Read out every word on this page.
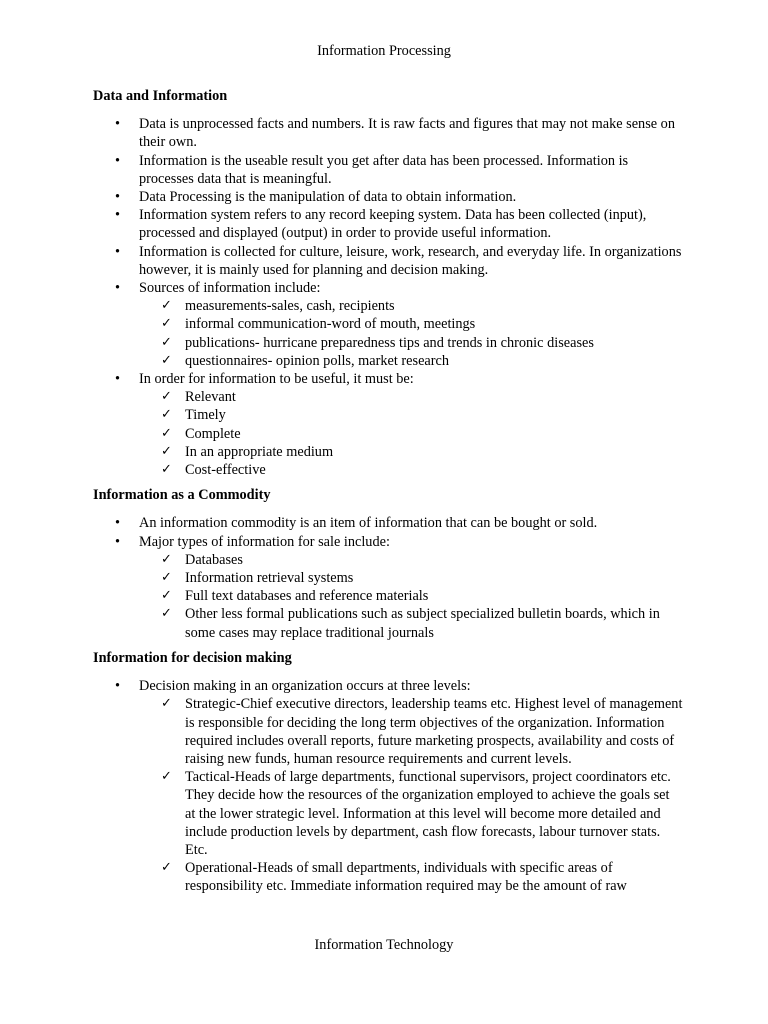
Information Processing
Data and Information
• Data is unprocessed facts and numbers. It is raw facts and figures that may not make sense on their own.
• Information is the useable result you get after data has been processed. Information is processes data that is meaningful.
• Data Processing is the manipulation of data to obtain information.
• Information system refers to any record keeping system. Data has been collected (input), processed and displayed (output) in order to provide useful information.
• Information is collected for culture, leisure, work, research, and everyday life. In organizations however, it is mainly used for planning and decision making.
• Sources of information include:
✓ measurements-sales, cash, recipients
✓ informal communication-word of mouth, meetings
✓ publications- hurricane preparedness tips and trends in chronic diseases
✓ questionnaires- opinion polls, market research
• In order for information to be useful, it must be:
✓ Relevant
✓ Timely
✓ Complete
✓ In an appropriate medium
✓ Cost-effective
Information as a Commodity
• An information commodity is an item of information that can be bought or sold.
• Major types of information for sale include:
✓ Databases
✓ Information retrieval systems
✓ Full text databases and reference materials
✓ Other less formal publications such as subject specialized bulletin boards, which in some cases may replace traditional journals
Information for decision making
• Decision making in an organization occurs at three levels:
✓ Strategic-Chief executive directors, leadership teams etc. Highest level of management is responsible for deciding the long term objectives of the organization. Information required includes overall reports, future marketing prospects, availability and costs of raising new funds, human resource requirements and current levels.
✓ Tactical-Heads of large departments, functional supervisors, project coordinators etc. They decide how the resources of the organization employed to achieve the goals set at the lower strategic level. Information at this level will become more detailed and include production levels by department, cash flow forecasts, labour turnover stats. Etc.
✓ Operational-Heads of small departments, individuals with specific areas of responsibility etc. Immediate information required may be the amount of raw
Information Technology
